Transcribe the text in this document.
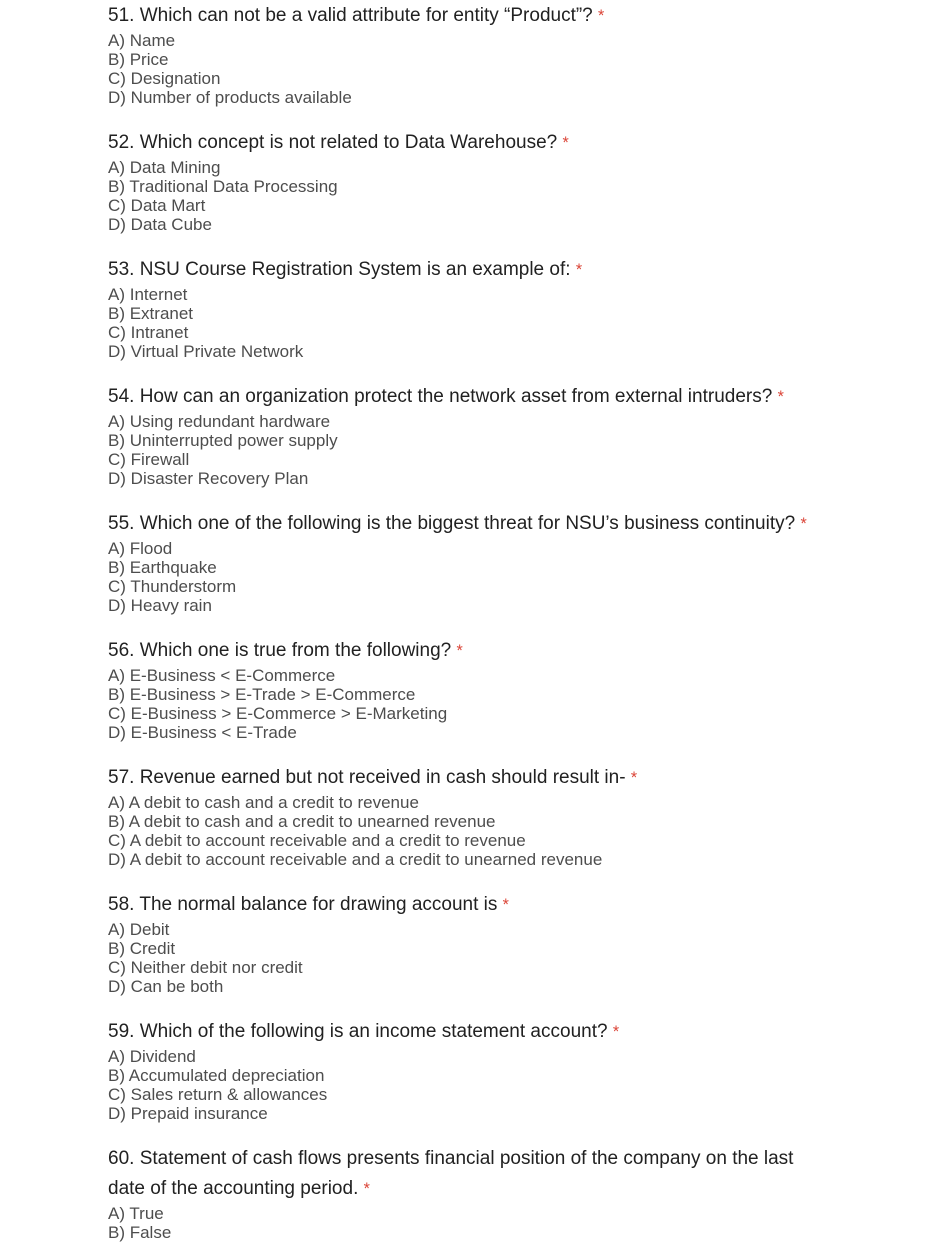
51. Which can not be a valid attribute for entity “Product”? *
A) Name
B) Price
C) Designation
D) Number of products available
52. Which concept is not related to Data Warehouse? *
A) Data Mining
B) Traditional Data Processing
C) Data Mart
D) Data Cube
53. NSU Course Registration System is an example of: *
A) Internet
B) Extranet
C) Intranet
D) Virtual Private Network
54. How can an organization protect the network asset from external intruders? *
A) Using redundant hardware
B) Uninterrupted power supply
C) Firewall
D) Disaster Recovery Plan
55. Which one of the following is the biggest threat for NSU’s business continuity? *
A) Flood
B) Earthquake
C) Thunderstorm
D) Heavy rain
56. Which one is true from the following? *
A) E-Business < E-Commerce
B) E-Business > E-Trade > E-Commerce
C) E-Business > E-Commerce > E-Marketing
D) E-Business < E-Trade
57. Revenue earned but not received in cash should result in- *
A) A debit to cash and a credit to revenue
B) A debit to cash and a credit to unearned revenue
C) A debit to account receivable and a credit to revenue
D) A debit to account receivable and a credit to unearned revenue
58. The normal balance for drawing account is *
A) Debit
B) Credit
C) Neither debit nor credit
D) Can be both
59. Which of the following is an income statement account? *
A) Dividend
B) Accumulated depreciation
C) Sales return & allowances
D) Prepaid insurance
60. Statement of cash flows presents financial position of the company on the last date of the accounting period. *
A) True
B) False
